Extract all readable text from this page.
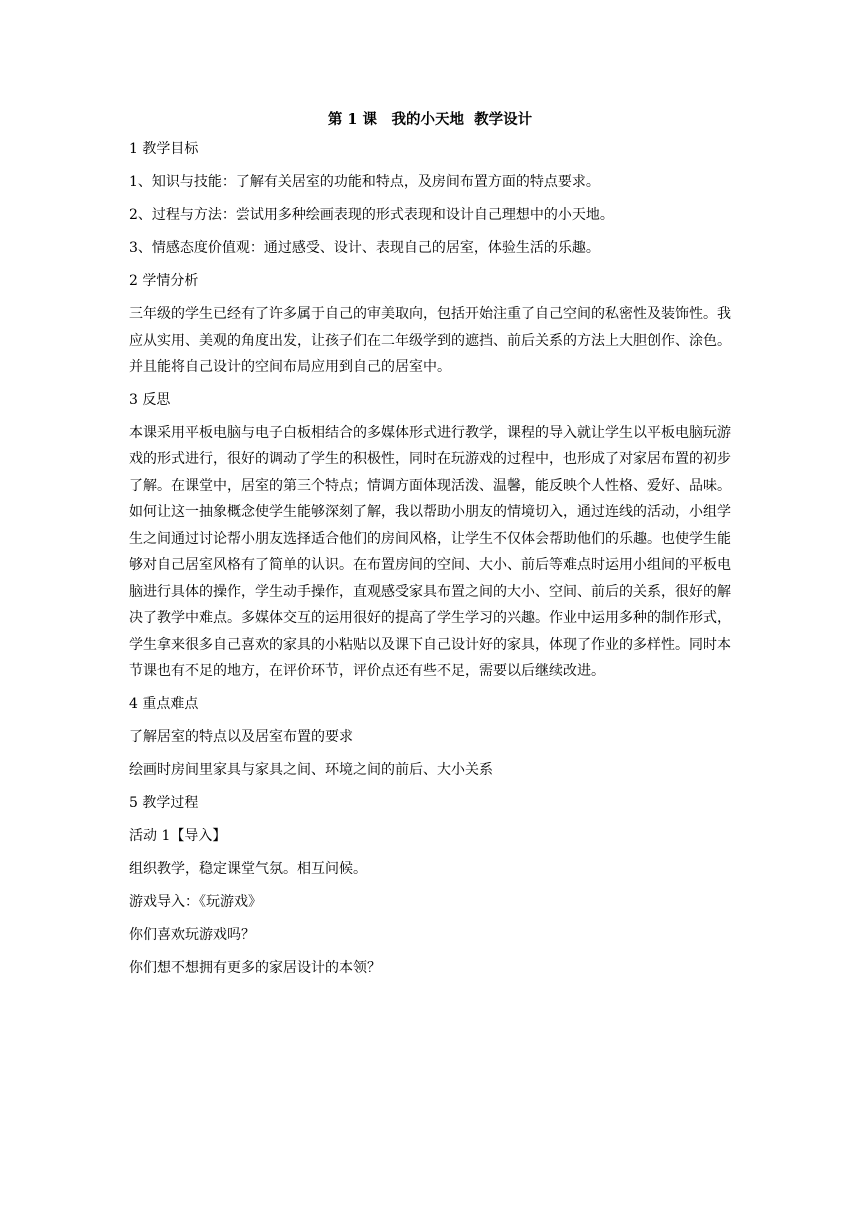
第 1 课　我的小天地  教学设计
1 教学目标
1、知识与技能：了解有关居室的功能和特点，及房间布置方面的特点要求。
2、过程与方法：尝试用多种绘画表现的形式表现和设计自己理想中的小天地。
3、情感态度价值观：通过感受、设计、表现自己的居室，体验生活的乐趣。
2 学情分析
三年级的学生已经有了许多属于自己的审美取向，包括开始注重了自己空间的私密性及装饰性。我应从实用、美观的角度出发，让孩子们在二年级学到的遮挡、前后关系的方法上大胆创作、涂色。并且能将自己设计的空间布局应用到自己的居室中。
3 反思
本课采用平板电脑与电子白板相结合的多媒体形式进行教学，课程的导入就让学生以平板电脑玩游戏的形式进行，很好的调动了学生的积极性，同时在玩游戏的过程中，也形成了对家居布置的初步了解。在课堂中，居室的第三个特点；情调方面体现活泼、温馨，能反映个人性格、爱好、品味。如何让这一抽象概念使学生能够深刻了解，我以帮助小朋友的情境切入，通过连线的活动，小组学生之间通过讨论帮小朋友选择适合他们的房间风格，让学生不仅体会帮助他们的乐趣。也使学生能够对自己居室风格有了简单的认识。在布置房间的空间、大小、前后等难点时运用小组间的平板电脑进行具体的操作，学生动手操作，直观感受家具布置之间的大小、空间、前后的关系，很好的解决了教学中难点。多媒体交互的运用很好的提高了学生学习的兴趣。作业中运用多种的制作形式，学生拿来很多自己喜欢的家具的小粘贴以及课下自己设计好的家具，体现了作业的多样性。同时本节课也有不足的地方，在评价环节，评价点还有些不足，需要以后继续改进。
4 重点难点
了解居室的特点以及居室布置的要求
绘画时房间里家具与家具之间、环境之间的前后、大小关系
5 教学过程
活动 1【导入】
组织教学，稳定课堂气氛。相互问候。
游戏导入：《玩游戏》
你们喜欢玩游戏吗？
你们想不想拥有更多的家居设计的本领？
